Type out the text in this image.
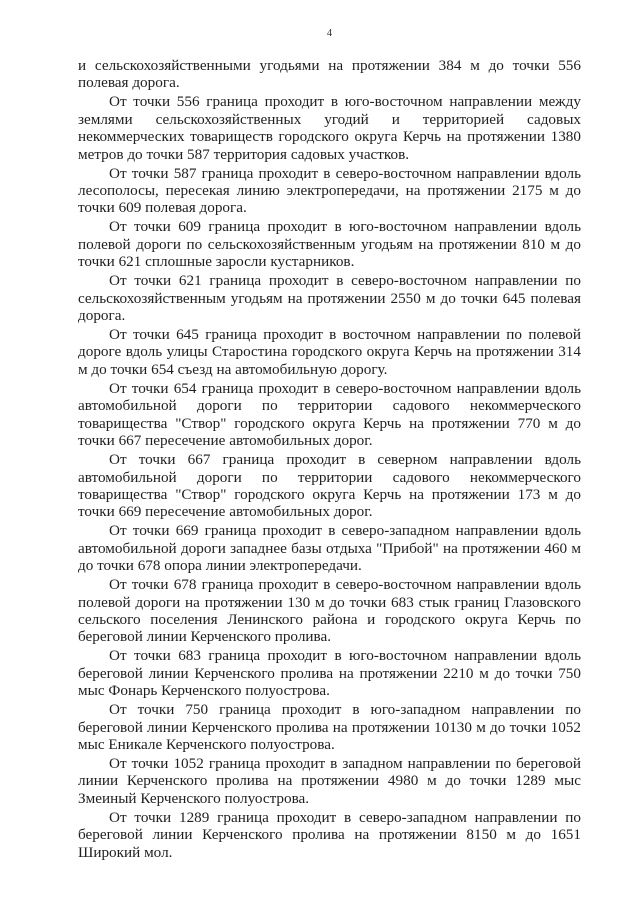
4

и сельскохозяйственными угодьями на протяжении 384 м до точки 556 полевая дорога.

От точки 556 граница проходит в юго-восточном направлении между землями сельскохозяйственных угодий и территорией садовых некоммерческих товариществ городского округа Керчь на протяжении 1380 метров до точки 587 территория садовых участков.

От точки 587 граница проходит в северо-восточном направлении вдоль лесополосы, пересекая линию электропередачи, на протяжении 2175 м до точки 609 полевая дорога.

От точки 609 граница проходит в юго-восточном направлении вдоль полевой дороги по сельскохозяйственным угодьям на протяжении 810 м до точки 621 сплошные заросли кустарников.

От точки 621 граница проходит в северо-восточном направлении по сельскохозяйственным угодьям на протяжении 2550 м до точки 645 полевая дорога.

От точки 645 граница проходит в восточном направлении по полевой дороге вдоль улицы Старостина городского округа Керчь на протяжении 314 м до точки 654 съезд на автомобильную дорогу.

От точки 654 граница проходит в северо-восточном направлении вдоль автомобильной дороги по территории садового некоммерческого товарищества "Створ" городского округа Керчь на протяжении 770 м до точки 667 пересечение автомобильных дорог.

От точки 667 граница проходит в северном направлении вдоль автомобильной дороги по территории садового некоммерческого товарищества "Створ" городского округа Керчь на протяжении 173 м до точки 669 пересечение автомобильных дорог.

От точки 669 граница проходит в северо-западном направлении вдоль автомобильной дороги западнее базы отдыха "Прибой" на протяжении 460 м до точки 678 опора линии электропередачи.

От точки 678 граница проходит в северо-восточном направлении вдоль полевой дороги на протяжении 130 м до точки 683 стык границ Глазовского сельского поселения Ленинского района и городского округа Керчь по береговой линии Керченского пролива.

От точки 683 граница проходит в юго-восточном направлении вдоль береговой линии Керченского пролива на протяжении 2210 м до точки 750 мыс Фонарь Керченского полуострова.

От точки 750 граница проходит в юго-западном направлении по береговой линии Керченского пролива на протяжении 10130 м до точки 1052 мыс Еникале Керченского полуострова.

От точки 1052 граница проходит в западном направлении по береговой линии Керченского пролива на протяжении 4980 м до точки 1289 мыс Змеиный Керченского полуострова.

От точки 1289 граница проходит в северо-западном направлении по береговой линии Керченского пролива на протяжении 8150 м до 1651 Широкий мол.
